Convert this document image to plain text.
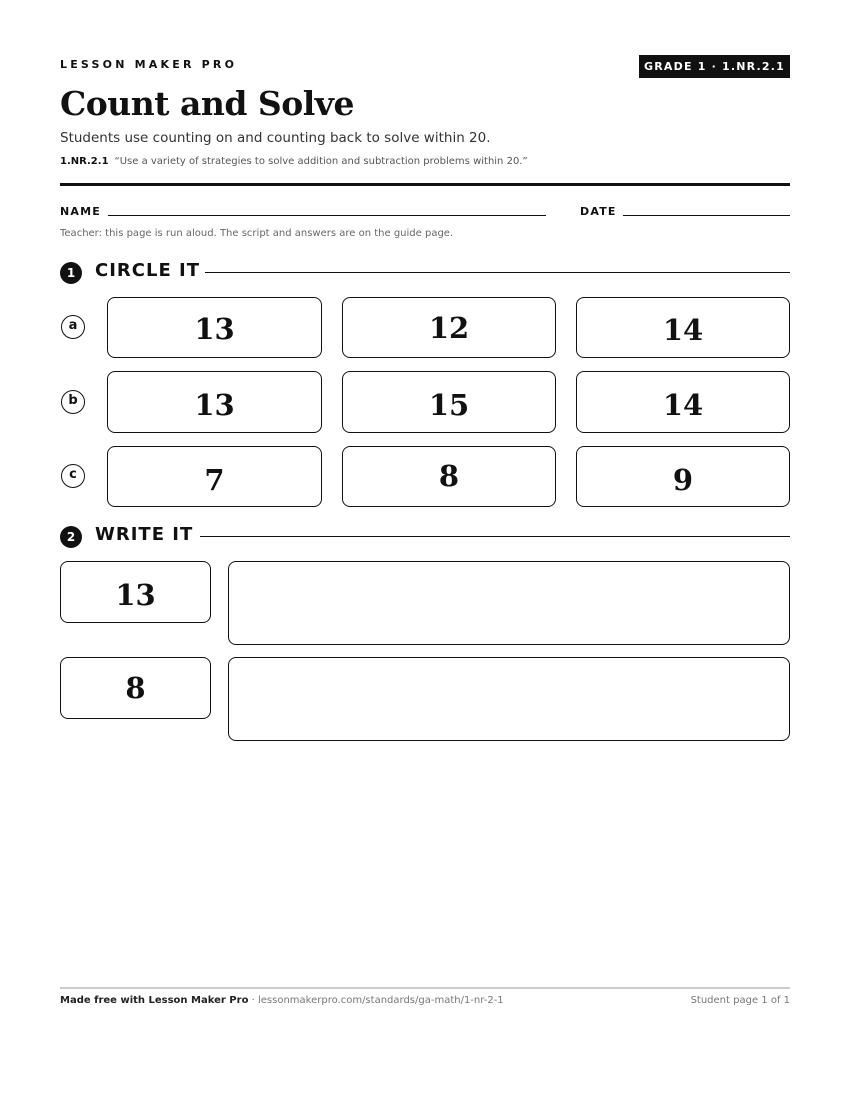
LESSON MAKER PRO	GRADE 1 · 1.NR.2.1
Count and Solve
Students use counting on and counting back to solve within 20.
1.NR.2.1 “Use a variety of strategies to solve addition and subtraction problems within 20.”
NAME	DATE
Teacher: this page is run aloud. The script and answers are on the guide page.
1	CIRCLE IT
a	13	12	14
b	13	15	14
c	7	8	9
2	WRITE IT
13
8
Made free with Lesson Maker Pro · lessonmakerpro.com/standards/ga-math/1-nr-2-1	Student page 1 of 1
